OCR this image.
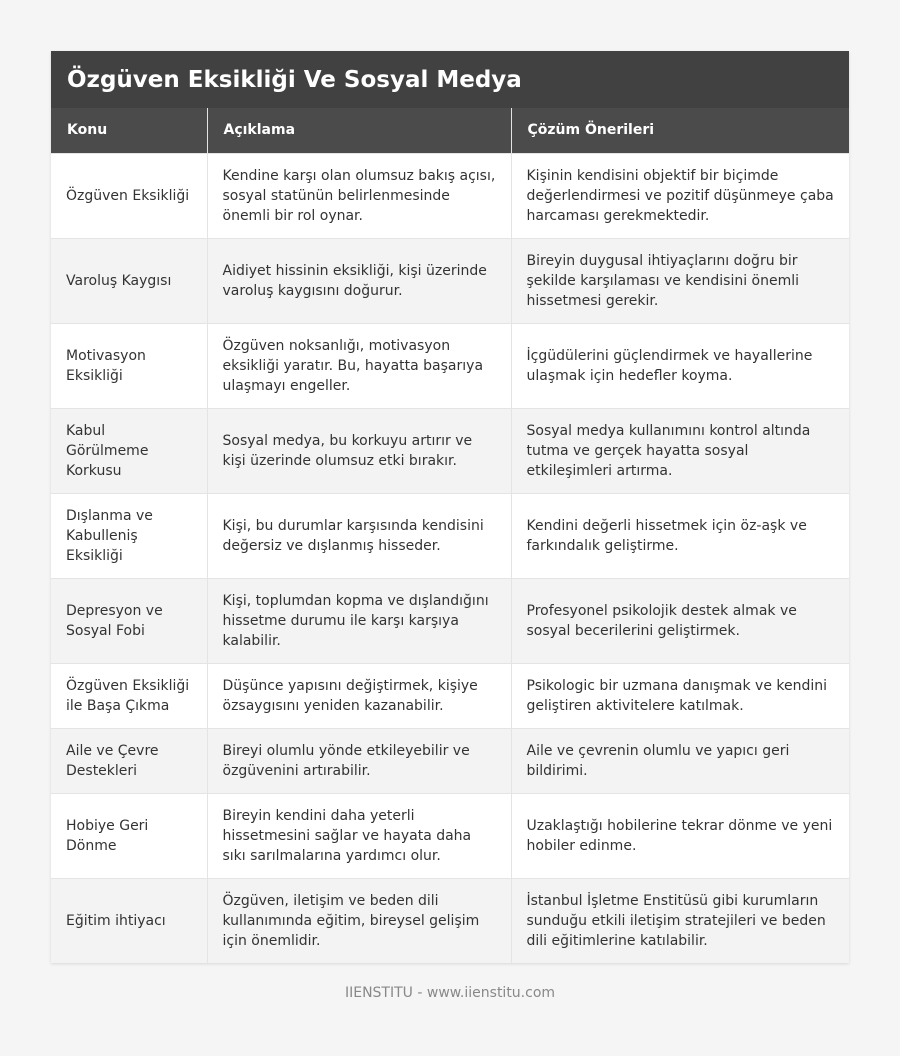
Özgüven Eksikliği Ve Sosyal Medya
Konu	Açıklama	Çözüm Önerileri
Özgüven Eksikliği	Kendine karşı olan olumsuz bakış açısı, sosyal statünün belirlenmesinde önemli bir rol oynar.	Kişinin kendisini objektif bir biçimde değerlendirmesi ve pozitif düşünmeye çaba harcaması gerekmektedir.
Varoluş Kaygısı	Aidiyet hissinin eksikliği, kişi üzerinde varoluş kaygısını doğurur.	Bireyin duygusal ihtiyaçlarını doğru bir şekilde karşılaması ve kendisini önemli hissetmesi gerekir.
Motivasyon Eksikliği	Özgüven noksanlığı, motivasyon eksikliği yaratır. Bu, hayatta başarıya ulaşmayı engeller.	İçgüdülerini güçlendirmek ve hayallerine ulaşmak için hedefler koyma.
Kabul Görülmeme Korkusu	Sosyal medya, bu korkuyu artırır ve kişi üzerinde olumsuz etki bırakır.	Sosyal medya kullanımını kontrol altında tutma ve gerçek hayatta sosyal etkileşimleri artırma.
Dışlanma ve Kabulleniş Eksikliği	Kişi, bu durumlar karşısında kendisini değersiz ve dışlanmış hisseder.	Kendini değerli hissetmek için öz-aşk ve farkındalık geliştirme.
Depresyon ve Sosyal Fobi	Kişi, toplumdan kopma ve dışlandığını hissetme durumu ile karşı karşıya kalabilir.	Profesyonel psikolojik destek almak ve sosyal becerilerini geliştirmek.
Özgüven Eksikliği ile Başa Çıkma	Düşünce yapısını değiştirmek, kişiye özsaygısını yeniden kazanabilir.	Psikologic bir uzmana danışmak ve kendini geliştiren aktivitelere katılmak.
Aile ve Çevre Destekleri	Bireyi olumlu yönde etkileyebilir ve özgüvenini artırabilir.	Aile ve çevrenin olumlu ve yapıcı geri bildirimi.
Hobiye Geri Dönme	Bireyin kendini daha yeterli hissetmesini sağlar ve hayata daha sıkı sarılmalarına yardımcı olur.	Uzaklaştığı hobilerine tekrar dönme ve yeni hobiler edinme.
Eğitim ihtiyacı	Özgüven, iletişim ve beden dili kullanımında eğitim, bireysel gelişim için önemlidir.	İstanbul İşletme Enstitüsü gibi kurumların sunduğu etkili iletişim stratejileri ve beden dili eğitimlerine katılabilir.
IIENSTITU - www.iienstitu.com
